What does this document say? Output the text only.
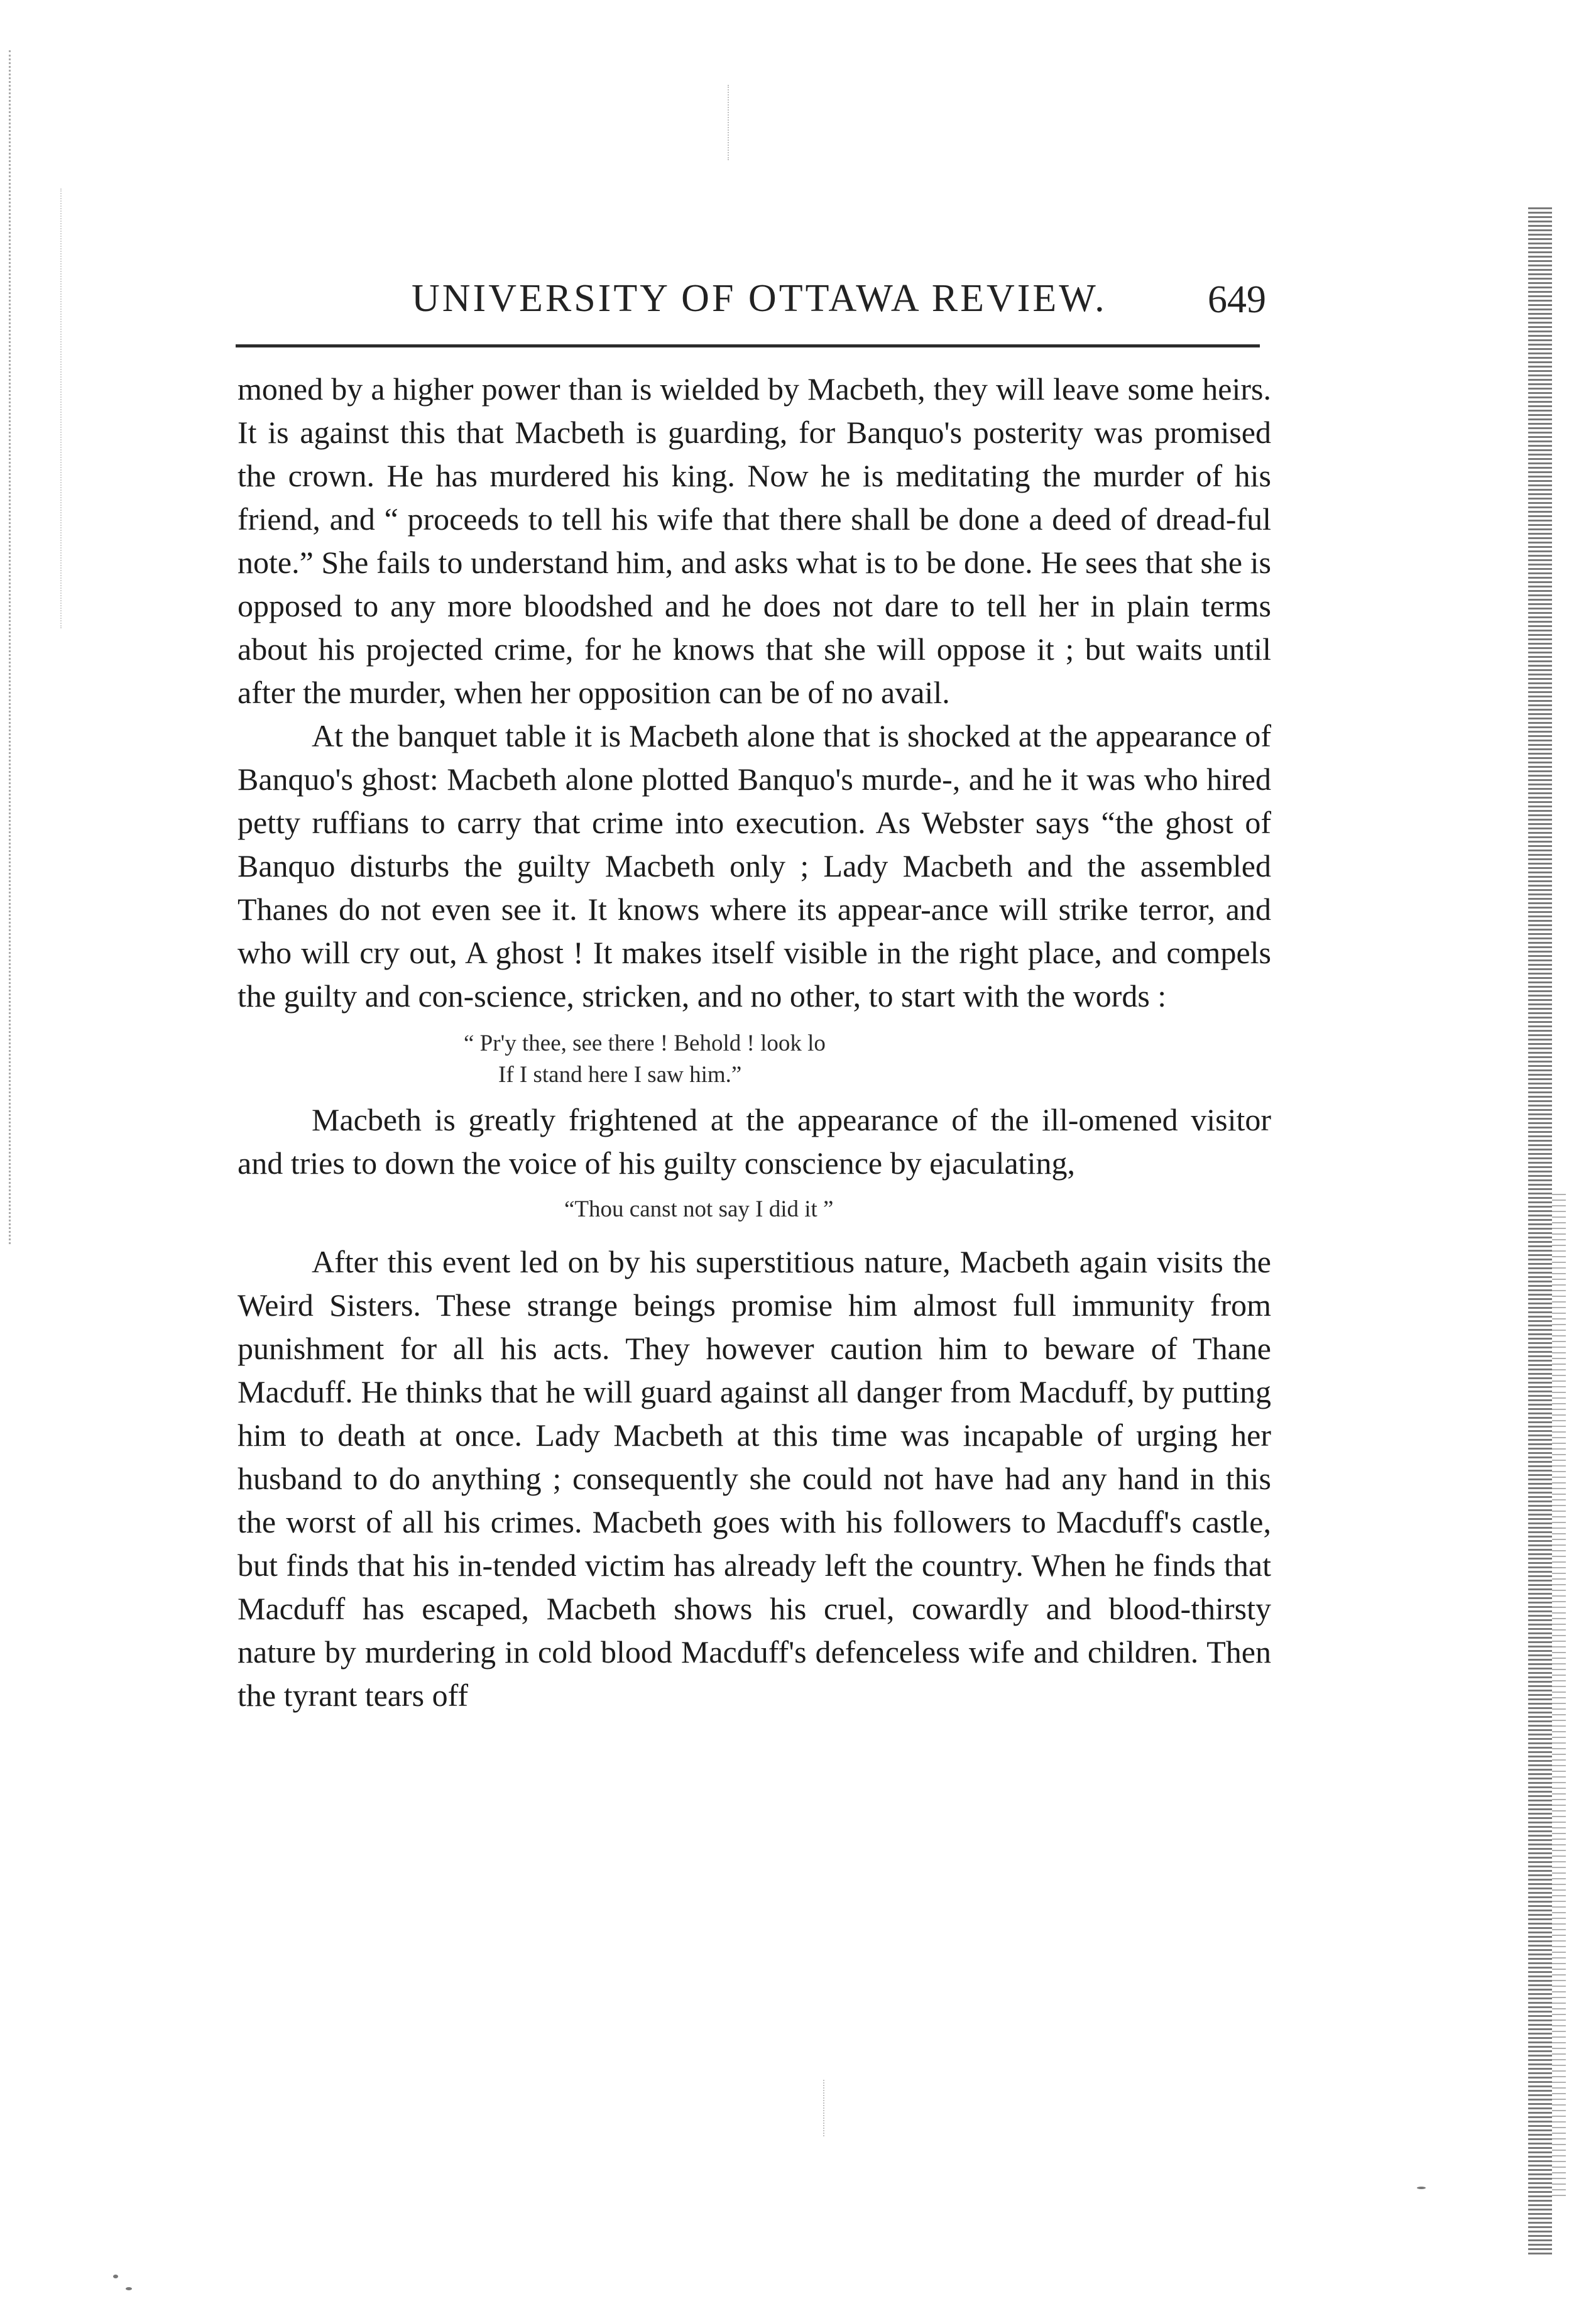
UNIVERSITY OF OTTAWA REVIEW.	649

moned by a higher power than is wielded by Macbeth, they will leave some heirs. It is against this that Macbeth is guarding, for Banquo's posterity was promised the crown. He has murdered his king. Now he is meditating the murder of his friend, and “ proceeds to tell his wife that there shall be done a deed of dread-ful note.” She fails to understand him, and asks what is to be done. He sees that she is opposed to any more bloodshed and he does not dare to tell her in plain terms about his projected crime, for he knows that she will oppose it ; but waits until after the murder, when her opposition can be of no avail.

At the banquet table it is Macbeth alone that is shocked at the appearance of Banquo's ghost: Macbeth alone plotted Banquo's murde-, and he it was who hired petty ruffians to carry that crime into execution. As Webster says “the ghost of Banquo disturbs the guilty Macbeth only ; Lady Macbeth and the assembled Thanes do not even see it. It knows where its appear-ance will strike terror, and who will cry out, A ghost ! It makes itself visible in the right place, and compels the guilty and con-science, stricken, and no other, to start with the words :

“ Pr'y thee, see there ! Behold ! look lo
If I stand here I saw him.”

Macbeth is greatly frightened at the appearance of the ill-omened visitor and tries to down the voice of his guilty conscience by ejaculating,

“Thou canst not say I did it ”

After this event led on by his superstitious nature, Macbeth again visits the Weird Sisters. These strange beings promise him almost full immunity from punishment for all his acts. They however caution him to beware of Thane Macduff. He thinks that he will guard against all danger from Macduff, by putting him to death at once. Lady Macbeth at this time was incapable of urging her husband to do anything ; consequently she could not have had any hand in this the worst of all his crimes. Macbeth goes with his followers to Macduff's castle, but finds that his in-tended victim has already left the country. When he finds that Macduff has escaped, Macbeth shows his cruel, cowardly and blood-thirsty nature by murdering in cold blood Macduff's defenceless wife and children. Then the tyrant tears off
